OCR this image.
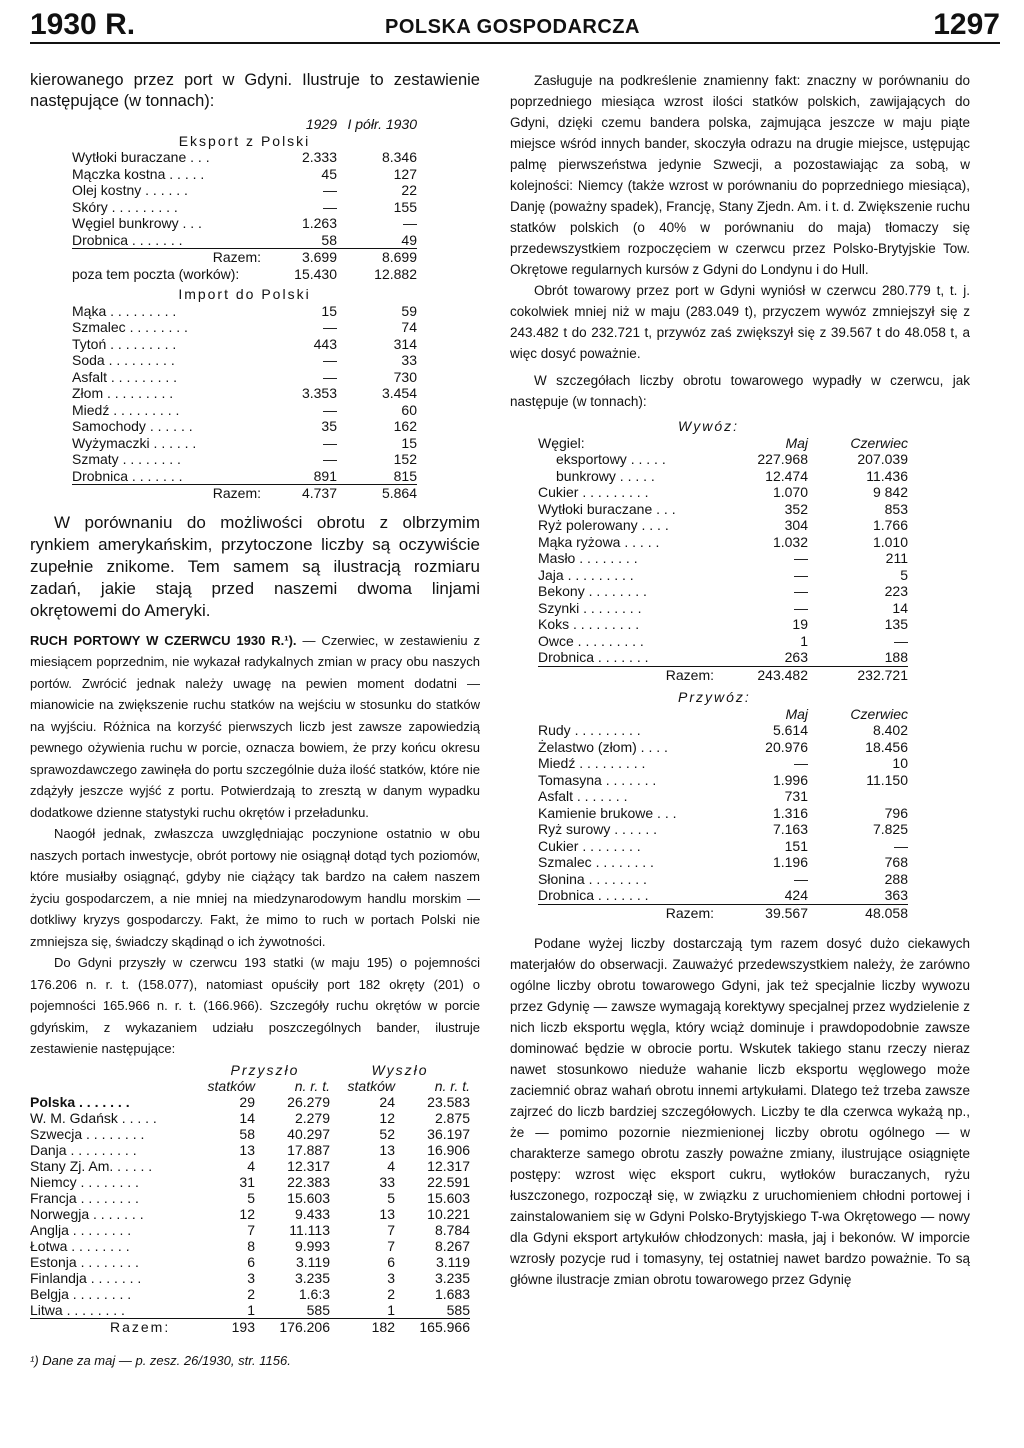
1930 R.	POLSKA GOSPODARCZA	1297
kierowanego przez port w Gdyni. Ilustruje to zestawienie następujące (w tonnach):
	1929	I półr. 1930
Eksport z Polski		
Wytłoki buraczane . . .	2.333	8.346
Mączka kostna . . . . .	45	127
Olej kostny . . . . . .	—	22
Skóry . . . . . . . . .	—	155
Węgiel bunkrowy . . .	1.263	—
Drobnica . . . . . . .	58	49
Razem:	3.699	8.699
poza tem poczta (worków):	15.430	12.882
Import do Polski		
Mąka . . . . . . . . .	15	59
Szmalec . . . . . . . .	—	74
Tytoń . . . . . . . . .	443	314
Soda . . . . . . . . .	—	33
Asfalt . . . . . . . . .	—	730
Złom . . . . . . . . .	3.353	3.454
Miedź . . . . . . . . .	—	60
Samochody . . . . . .	35	162
Wyżymaczki . . . . . .	—	15
Szmaty . . . . . . . .	—	152
Drobnica . . . . . . .	891	815
Razem:	4.737	5.864
W porównaniu do możliwości obrotu z olbrzymim rynkiem amerykańskim, przytoczone liczby są oczywiście zupełnie znikome. Tem samem są ilustracją rozmiaru zadań, jakie stają przed naszemi dwoma linjami okrętowemi do Ameryki.
RUCH PORTOWY W CZERWCU 1930 R.¹). — Czerwiec, w zestawieniu z miesiącem poprzednim, nie wykazał radykalnych zmian w pracy obu naszych portów. Zwrócić jednak należy uwagę na pewien moment dodatni — mianowicie na zwiększenie ruchu statków na wejściu w stosunku do statków na wyjściu. Różnica na korzyść pierwszych liczb jest zawsze zapowiedzią pewnego ożywienia ruchu w porcie, oznacza bowiem, że przy końcu okresu sprawozdawczego zawinęła do portu szczególnie duża ilość statków, które nie zdążyły jeszcze wyjść z portu. Potwierdzają to zresztą w danym wypadku dodatkowe dzienne statystyki ruchu okrętów i przeładunku.
Naogół jednak, zwłaszcza uwzględniając poczynione ostatnio w obu naszych portach inwestycje, obrót portowy nie osiągnął dotąd tych poziomów, które musiałby osiągnąć, gdyby nie ciążący tak bardzo na całem naszem życiu gospodarczem, a nie mniej na miedzynarodowym handlu morskim — dotkliwy kryzys gospodarczy. Fakt, że mimo to ruch w portach Polski nie zmniejsza się, świadczy skądinąd o ich żywotności.
Do Gdyni przyszły w czerwcu 193 statki (w maju 195) o pojemności 176.206 n. r. t. (158.077), natomiast opuściły port 182 okręty (201) o pojemności 165.966 n. r. t. (166.966). Szczegóły ruchu okrętów w porcie gdyńskim, z wykazaniem udziału poszczególnych bander, ilustruje zestawienie następujące:
	Przyszło		Wyszło	
	statków	n. r. t.	statków	n. r. t.
Polska . . . . . . .	29	26.279	24	23.583
W. M. Gdańsk . . . . .	14	2.279	12	2.875
Szwecja . . . . . . . .	58	40.297	52	36.197
Danja . . . . . . . . .	13	17.887	13	16.906
Stany Zj. Am. . . . . .	4	12.317	4	12.317
Niemcy . . . . . . . .	31	22.383	33	22.591
Francja . . . . . . . .	5	15.603	5	15.603
Norwegja . . . . . . .	12	9.433	13	10.221
Anglja . . . . . . . .	7	11.113	7	8.784
Łotwa . . . . . . . .	8	9.993	7	8.267
Estonja . . . . . . . .	6	3.119	6	3.119
Finlandja . . . . . . .	3	3.235	3	3.235
Belgja . . . . . . . .	2	1.6:3	2	1.683
Litwa . . . . . . . .	1	585	1	585
Razem:	193	176.206	182	165.966
¹) Dane za maj — p. zesz. 26/1930, str. 1156.
Zasługuje na podkreślenie znamienny fakt: znaczny w porównaniu do poprzedniego miesiąca wzrost ilości statków polskich, zawijających do Gdyni, dzięki czemu bandera polska, zajmująca jeszcze w maju piąte miejsce wśród innych bander, skoczyła odrazu na drugie miejsce, ustępując palmę pierwszeństwa jedynie Szwecji, a pozostawiając za sobą, w kolejności: Niemcy (także wzrost w porównaniu do poprzedniego miesiąca), Danję (poważny spadek), Francję, Stany Zjedn. Am. i t. d. Zwiększenie ruchu statków polskich (o 40% w porównaniu do maja) tłomaczy się przedewszystkiem rozpoczęciem w czerwcu przez Polsko-Brytyjskie Tow. Okrętowe regularnych kursów z Gdyni do Londynu i do Hull.
Obrót towarowy przez port w Gdyni wyniósł w czerwcu 280.779 t, t. j. cokolwiek mniej niż w maju (283.049 t), przyczem wywóz zmniejszył się z 243.482 t do 232.721 t, przywóz zaś zwiększył się z 39.567 t do 48.058 t, a więc dosyć poważnie.
W szczegółach liczby obrotu towarowego wypadły w czerwcu, jak następuje (w tonnach):
Wywóz:		
Węgiel:	Maj	Czerwiec
eksportowy . . . . .	227.968	207.039
bunkrowy . . . . .	12.474	11.436
Cukier . . . . . . . . .	1.070	9 842
Wytłoki buraczane . . .	352	853
Ryż polerowany . . . .	304	1.766
Mąka ryżowa . . . . .	1.032	1.010
Masło . . . . . . . .	—	211
Jaja . . . . . . . . .	—	5
Bekony . . . . . . . .	—	223
Szynki . . . . . . . .	—	14
Koks . . . . . . . . .	19	135
Owce . . . . . . . . .	1	—
Drobnica . . . . . . .	263	188
Razem:	243.482	232.721
Przywóz:		
	Maj	Czerwiec
Rudy . . . . . . . . .	5.614	8.402
Żelastwo (złom) . . . .	20.976	18.456
Miedź . . . . . . . . .	—	10
Tomasyna . . . . . . .	1.996	11.150
Asfalt . . . . . . .	731	
Kamienie brukowe . . .	1.316	796
Ryż surowy . . . . . .	7.163	7.825
Cukier . . . . . . . .	151	—
Szmalec . . . . . . . .	1.196	768
Słonina . . . . . . . .	—	288
Drobnica . . . . . . .	424	363
Razem:	39.567	48.058
Podane wyżej liczby dostarczają tym razem dosyć dużo ciekawych materjałów do obserwacji. Zauważyć przedewszystkiem należy, że zarówno ogólne liczby obrotu towarowego Gdyni, jak też specjalnie liczby wywozu przez Gdynię — zawsze wymagają korektywy specjalnej przez wydzielenie z nich liczb eksportu węgla, który wciąż dominuje i prawdopodobnie zawsze dominować będzie w obrocie portu. Wskutek takiego stanu rzeczy nieraz nawet stosunkowo nieduże wahanie liczb eksportu węglowego może zaciemnić obraz wahań obrotu innemi artykułami. Dlatego też trzeba zawsze zajrzeć do liczb bardziej szczegółowych. Liczby te dla czerwca wykażą np., że — pomimo pozornie niezmienionej liczby obrotu ogólnego — w charakterze samego obrotu zaszły poważne zmiany, ilustrujące osiągnięte postępy: wzrost więc eksport cukru, wytłoków buraczanych, ryżu łuszczonego, rozpoczął się, w związku z uruchomieniem chłodni portowej i zainstalowaniem się w Gdyni Polsko-Brytyjskiego T-wa Okrętowego — nowy dla Gdyni eksport artykułów chłodzonych: masła, jaj i bekonów. W imporcie wzrosły pozycje rud i tomasyny, tej ostatniej nawet bardzo poważnie. To są główne ilustracje zmian obrotu towarowego przez Gdynię
